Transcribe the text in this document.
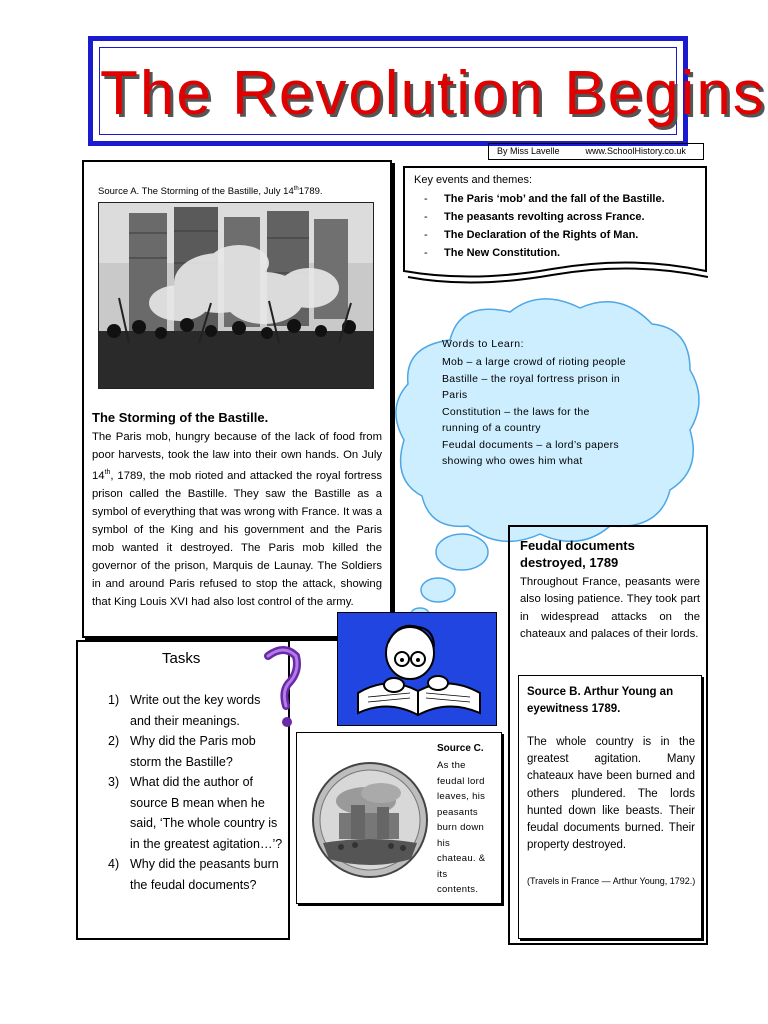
The Revolution Begins
By Miss Lavelle	www.SchoolHistory.co.uk
Source A. The Storming of the Bastille, July 14th1789.
The Storming of the Bastille.
The Paris mob, hungry because of the lack of food from poor harvests, took the law into their own hands. On July 14th, 1789, the mob rioted and attacked the royal fortress prison called the Bastille. They saw the Bastille as a symbol of everything that was wrong with France. It was a symbol of the King and his government and the Paris mob wanted it destroyed. The Paris mob killed the governor of the prison, Marquis de Launay. The Soldiers in and around Paris refused to stop the attack, showing that King Louis XVI had also lost control of the army.
Key events and themes:
- The Paris ‘mob’ and the fall of the Bastille.
- The peasants revolting across France.
- The Declaration of the Rights of Man.
- The New Constitution.
Words to Learn:
Mob – a large crowd of rioting people
Bastille – the royal fortress prison in Paris
Constitution – the laws for the running of a country
Feudal documents – a lord’s papers showing who owes him what
Feudal documents destroyed, 1789
Throughout France, peasants were also losing patience. They took part in widespread attacks on the chateaux and palaces of their lords.
Source B. Arthur Young an eyewitness 1789.
The whole country is in the greatest agitation. Many chateaux have been burned and others plundered. The lords hunted down like beasts. Their feudal documents burned. Their property destroyed.
(Travels in France — Arthur Young, 1792.)
Tasks
1) Write out the key words and their meanings.
2) Why did the Paris mob storm the Bastille?
3) What did the author of source B mean when he said, ‘The whole country is in the greatest agitation…’?
4) Why did the peasants burn the feudal documents?
Source C.
As the
feudal lord
leaves, his
peasants
burn down
his
chateau. &
its
contents.
